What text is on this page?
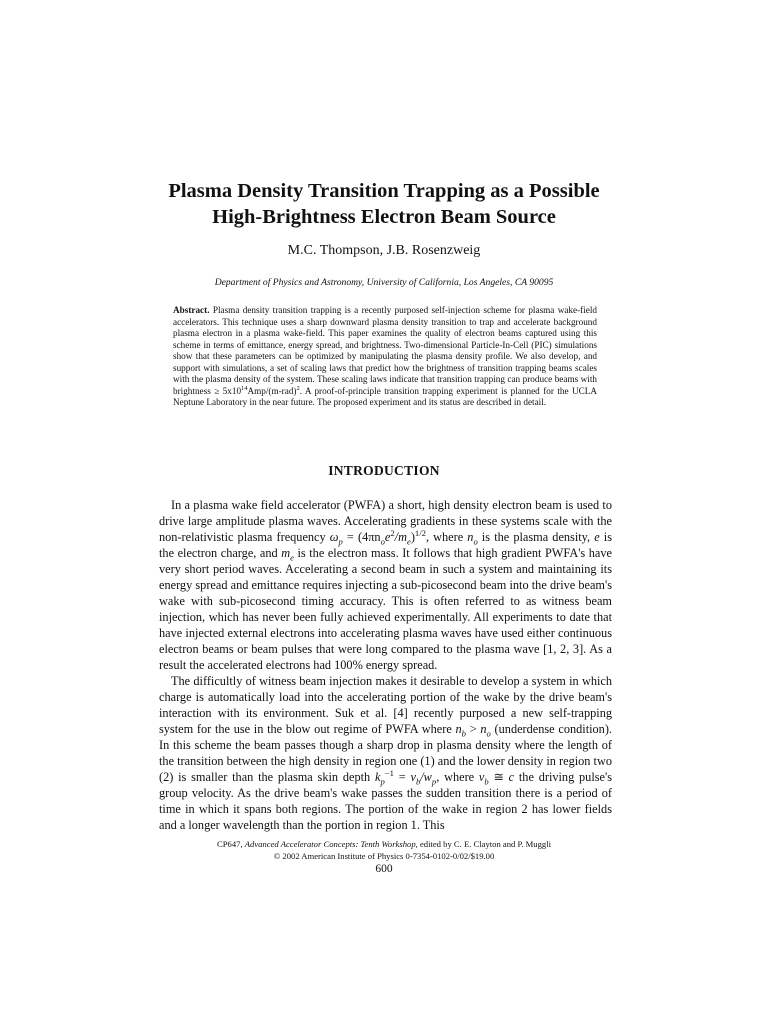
Plasma Density Transition Trapping as a Possible
High-Brightness Electron Beam Source
M.C. Thompson, J.B. Rosenzweig
Department of Physics and Astronomy, University of California, Los Angeles, CA 90095
Abstract. Plasma density transition trapping is a recently purposed self-injection scheme for plasma wake-field accelerators. This technique uses a sharp downward plasma density transition to trap and accelerate background plasma electron in a plasma wake-field. This paper examines the quality of electron beams captured using this scheme in terms of emittance, energy spread, and brightness. Two-dimensional Particle-In-Cell (PIC) simulations show that these parameters can be optimized by manipulating the plasma density profile. We also develop, and support with simulations, a set of scaling laws that predict how the brightness of transition trapping beams scales with the plasma density of the system. These scaling laws indicate that transition trapping can produce beams with brightness ≥ $5x10^{14}Amp/(m-rad)^2$. A proof-of-principle transition trapping experiment is planned for the UCLA Neptune Laboratory in the near future. The proposed experiment and its status are described in detail.
INTRODUCTION

In a plasma wake field accelerator (PWFA) a short, high density electron beam is used to drive large amplitude plasma waves. Accelerating gradients in these systems scale with the non-relativistic plasma frequency $\omega_p = (4\pi n_oe^2/m_e)^{1/2}$, where $n_o$ is the plasma density, e is the electron charge, and $m_e$ is the electron mass. It follows that high gradient PWFA's have very short period waves. Accelerating a second beam in such a system and maintaining its energy spread and emittance requires injecting a sub-picosecond beam into the drive beam's wake with sub-picosecond timing accuracy. This is often referred to as witness beam injection, which has never been fully achieved experimentally. All experiments to date that have injected external electrons into accelerating plasma waves have used either continuous electron beams or beam pulses that were long compared to the plasma wave [1, 2, 3]. As a result the accelerated electrons had 100% energy spread.

The difficultly of witness beam injection makes it desirable to develop a system in which charge is automatically load into the accelerating portion of the wake by the drive beam's interaction with its environment. Suk et al. [4] recently purposed a new self-trapping system for the use in the blow out regime of PWFA where $n_b > n_o$ (underdense condition). In this scheme the beam passes though a sharp drop in plasma density where the length of the transition between the high density in region one (1) and the lower density in region two (2) is smaller than the plasma skin depth $k_p^{-1} = v_b/w_p$, where $v_b$ ≅ c the driving pulse's group velocity. As the drive beam's wake passes the sudden transition there is a period of time in which it spans both regions. The portion of the wake in region 2 has lower fields and a longer wavelength than the portion in region 1. This

CP647, Advanced Accelerator Concepts: Tenth Workshop, edited by C. E. Clayton and P. Muggli
© 2002 American Institute of Physics 0-7354-0102-0/02/$19.00
600
